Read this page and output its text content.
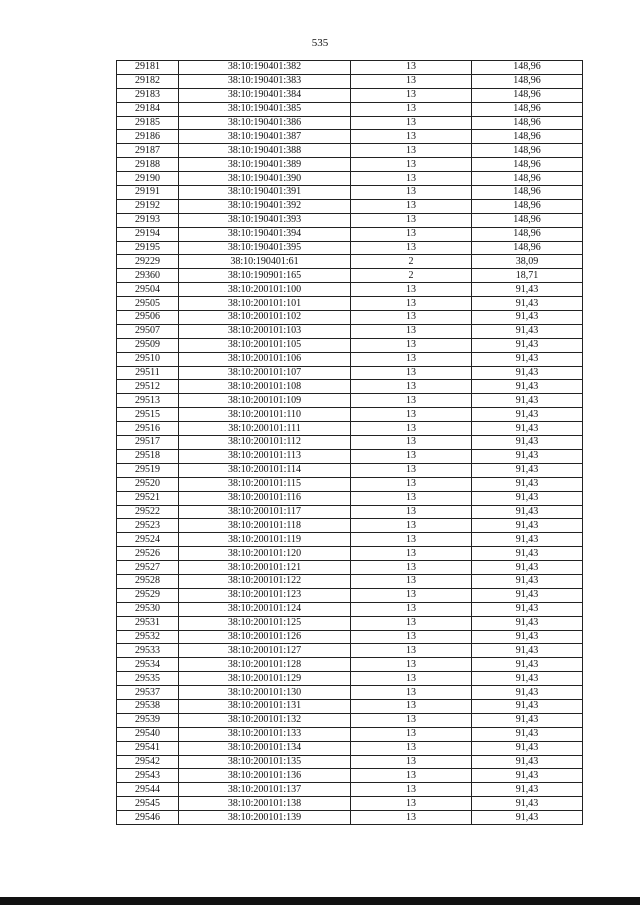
535
29181	38:10:190401:382	13	148,96
29182	38:10:190401:383	13	148,96
29183	38:10:190401:384	13	148,96
29184	38:10:190401:385	13	148,96
29185	38:10:190401:386	13	148,96
29186	38:10:190401:387	13	148,96
29187	38:10:190401:388	13	148,96
29188	38:10:190401:389	13	148,96
29190	38:10:190401:390	13	148,96
29191	38:10:190401:391	13	148,96
29192	38:10:190401:392	13	148,96
29193	38:10:190401:393	13	148,96
29194	38:10:190401:394	13	148,96
29195	38:10:190401:395	13	148,96
29229	38:10:190401:61	2	38,09
29360	38:10:190901:165	2	18,71
29504	38:10:200101:100	13	91,43
29505	38:10:200101:101	13	91,43
29506	38:10:200101:102	13	91,43
29507	38:10:200101:103	13	91,43
29509	38:10:200101:105	13	91,43
29510	38:10:200101:106	13	91,43
29511	38:10:200101:107	13	91,43
29512	38:10:200101:108	13	91,43
29513	38:10:200101:109	13	91,43
29515	38:10:200101:110	13	91,43
29516	38:10:200101:111	13	91,43
29517	38:10:200101:112	13	91,43
29518	38:10:200101:113	13	91,43
29519	38:10:200101:114	13	91,43
29520	38:10:200101:115	13	91,43
29521	38:10:200101:116	13	91,43
29522	38:10:200101:117	13	91,43
29523	38:10:200101:118	13	91,43
29524	38:10:200101:119	13	91,43
29526	38:10:200101:120	13	91,43
29527	38:10:200101:121	13	91,43
29528	38:10:200101:122	13	91,43
29529	38:10:200101:123	13	91,43
29530	38:10:200101:124	13	91,43
29531	38:10:200101:125	13	91,43
29532	38:10:200101:126	13	91,43
29533	38:10:200101:127	13	91,43
29534	38:10:200101:128	13	91,43
29535	38:10:200101:129	13	91,43
29537	38:10:200101:130	13	91,43
29538	38:10:200101:131	13	91,43
29539	38:10:200101:132	13	91,43
29540	38:10:200101:133	13	91,43
29541	38:10:200101:134	13	91,43
29542	38:10:200101:135	13	91,43
29543	38:10:200101:136	13	91,43
29544	38:10:200101:137	13	91,43
29545	38:10:200101:138	13	91,43
29546	38:10:200101:139	13	91,43
